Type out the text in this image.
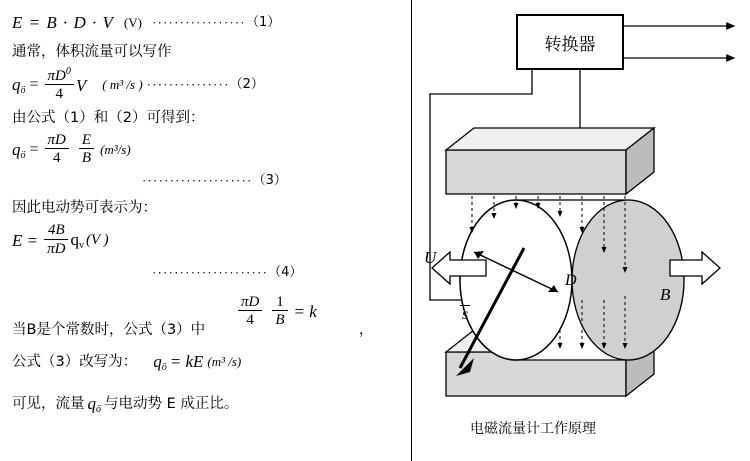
E = B · D · V (V) ················· （1）
通常，体积流量可以写作
$q_ö = \frac{\pi D^0}{4}$ V ( m³ /s ) ··············· （2）
由公式（1）和（2）可得到：
$q_ö = \frac{\pi D}{4} \frac{E}{B} (m^3/s)$
···················· （3）
因此电动势可表示为：
$E = \frac{4B}{\pi D} q_v$ (V )
····················· （4）
$\frac{\pi D}{4} \frac{1}{B} = k$
当B是个常数时，公式（3）中	，
公式（3）改写为： $q_ö$ = kE (m³ /s)
可见，流量 $q_ö$ 与电动势 E 成正比。
转换器
U
D
B
s
电磁流量计工作原理
